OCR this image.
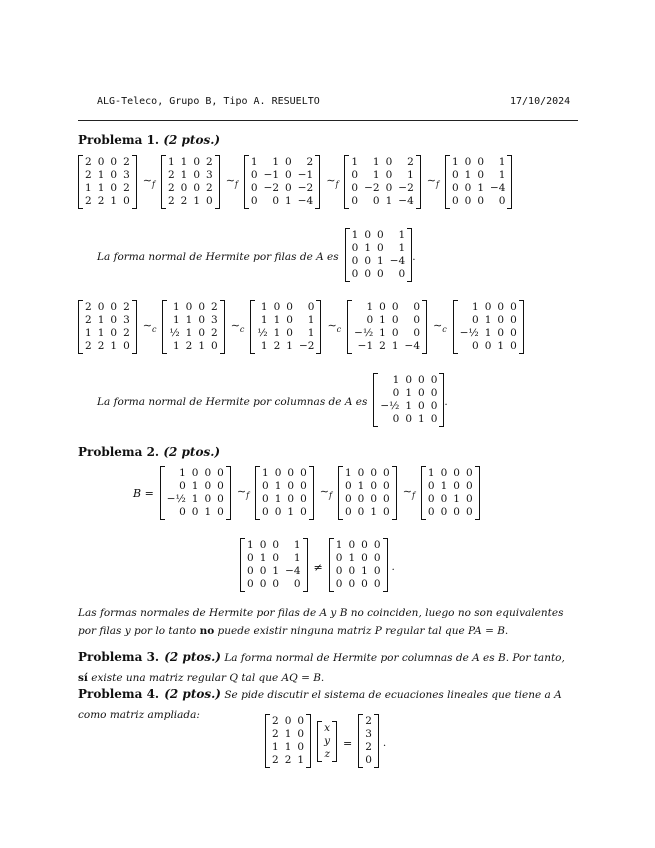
ALG-Teleco, Grupo B, Tipo A. RESUELTO	17/10/2024
Problema 1. (2 ptos.)
2	0	0	2
2	1	0	3
1	1	0	2
2	2	1	0
$\sim_f$
1	1	0	2
2	1	0	3
2	0	0	2
2	2	1	0
$\sim_f$
1	1	0	2
0	−1	0	−1
0	−2	0	−2
0	0	1	−4
$\sim_f$
1	1	0	2
0	1	0	1
0	−2	0	−2
0	0	1	−4
$\sim_f$
1	0	0	1
0	1	0	1
0	0	1	−4
0	0	0	0
La forma normal de Hermite por filas de A es
1	0	0	1
0	1	0	1
0	0	1	−4
0	0	0	0
.
2	0	0	2
2	1	0	3
1	1	0	2
2	2	1	0
$\sim_c$
1	0	0	2
1	1	0	3
½	1	0	2
1	2	1	0
$\sim_c$
1	0	0	0
1	1	0	1
½	1	0	1
1	2	1	−2
$\sim_c$
1	0	0	0
0	1	0	0
−½	1	0	0
−1	2	1	−4
$\sim_c$
1	0	0	0
0	1	0	0
−½	1	0	0
0	0	1	0
La forma normal de Hermite por columnas de A es
1	0	0	0
0	1	0	0
−½	1	0	0
0	0	1	0
.
Problema 2. (2 ptos.)
B =
1	0	0	0
0	1	0	0
−½	1	0	0
0	0	1	0
$\sim_f$
1	0	0	0
0	1	0	0
0	1	0	0
0	0	1	0
$\sim_f$
1	0	0	0
0	1	0	0
0	0	0	0
0	0	1	0
$\sim_f$
1	0	0	0
0	1	0	0
0	0	1	0
0	0	0	0
1	0	0	1
0	1	0	1
0	0	1	−4
0	0	0	0
≠
1	0	0	0
0	1	0	0
0	0	1	0
0	0	0	0
.
Las formas normales de Hermite por filas de A y B no coinciden, luego no son equivalentes
por filas y por lo tanto no puede existir ninguna matriz P regular tal que PA = B.
Problema 3. (2 ptos.) La forma normal de Hermite por columnas de A es B. Por tanto,
sí existe una matriz regular Q tal que AQ = B.
Problema 4. (2 ptos.) Se pide discutir el sistema de ecuaciones lineales que tiene a A
como matriz ampliada:	2	0	0
2	1	0
1	1	0
2	2	1
x
y
z
=
2
3
2
0
.
